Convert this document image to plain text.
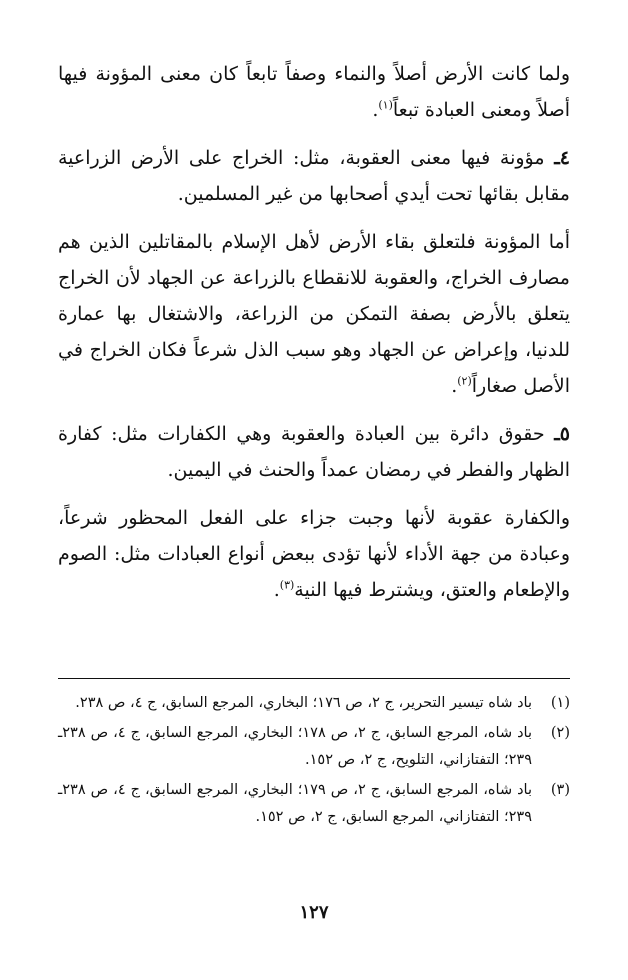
ولما كانت الأرض أصلاً والنماء وصفاً تابعاً كان معنى المؤونة فيها أصلاً ومعنى العبادة تبعاً$^{(١)}$.

٤ـ مؤونة فيها معنى العقوبة، مثل: الخراج على الأرض الزراعية مقابل بقائها تحت أيدي أصحابها من غير المسلمين.

أما المؤونة فلتعلق بقاء الأرض لأهل الإسلام بالمقاتلين الذين هم مصارف الخراج، والعقوبة للانقطاع بالزراعة عن الجهاد لأن الخراج يتعلق بالأرض بصفة التمكن من الزراعة، والاشتغال بها عمارة للدنيا، وإعراض عن الجهاد وهو سبب الذل شرعاً فكان الخراج في الأصل صغاراً$^{(٢)}$.

٥ـ حقوق دائرة بين العبادة والعقوبة وهي الكفارات مثل: كفارة الظهار والفطر في رمضان عمداً والحنث في اليمين.

والكفارة عقوبة لأنها وجبت جزاء على الفعل المحظور شرعاً، وعبادة من جهة الأداء لأنها تؤدى ببعض أنواع العبادات مثل: الصوم والإطعام والعتق، ويشترط فيها النية$^{(٣)}$.

(١)
باد شاه تيسير التحرير، ج ٢، ص ١٧٦؛ البخاري، المرجع السابق، ج ٤، ص ٢٣٨.
(٢)
باد شاه، المرجع السابق، ج ٢، ص ١٧٨؛ البخاري، المرجع السابق، ج ٤، ص ٢٣٨ـ ٢٣٩؛ التفتازاني، التلويح، ج ٢، ص ١٥٢.
(٣)
باد شاه، المرجع السابق، ج ٢، ص ١٧٩؛ البخاري، المرجع السابق، ج ٤، ص ٢٣٨ـ ٢٣٩؛ التفتازاني، المرجع السابق، ج ٢، ص ١٥٢.
١٢٧
